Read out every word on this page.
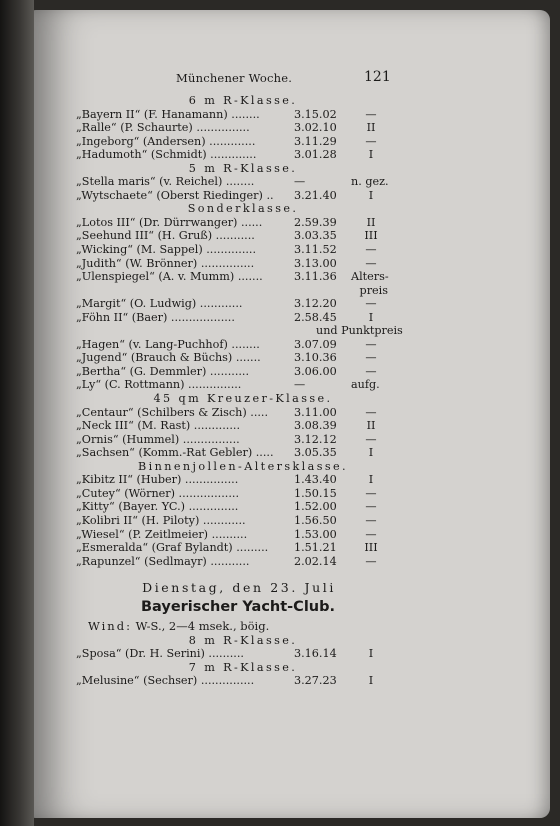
Münchener Woche.	121
6 m R-Klasse.
„Bayern II“ (F. Hanamann) ........	3.15.02	—
„Ralle“ (P. Schaurte) ...............	3.02.10	II
„Ingeborg“ (Andersen) .............	3.11.29	—
„Hadumoth“ (Schmidt) .............	3.01.28	I
5 m R-Klasse.
„Stella maris“ (v. Reichel) ........	—	n. gez.
„Wytschaete“ (Oberst Riedinger) .. 3.21.40	I
Sonderklasse.
„Lotos III“ (Dr. Dürrwanger) ......	2.59.39	II
„Seehund III“ (H. Gruß) ...........	3.03.35	III
„Wicking“ (M. Sappel) ..............	3.11.52	—
„Judith“ (W. Brönner) ...............	3.13.00	—
„Ulenspiegel“ (A. v. Mumm) .......	3.11.36 Alters-
preis
„Margit“ (O. Ludwig) ............	3.12.20	—
„Föhn II“ (Baer) ..................	2.58.45	I
und Punktpreis
„Hagen“ (v. Lang-Puchhof) ........	3.07.09	—
„Jugend“ (Brauch & Büchs) .......	3.10.36	—
„Bertha“ (G. Demmler) ...........	3.06.00	—
„Ly“ (C. Rottmann) ...............	—	aufg.
45 qm Kreuzer-Klasse.
„Centaur“ (Schilbers & Zisch) ..... 3.11.00	—
„Neck III“ (M. Rast) .............	3.08.39	II
„Ornis“ (Hummel) ................	3.12.12	—
„Sachsen“ (Komm.-Rat Gebler) ..... 3.05.35	I
Binnenjollen-Altersklasse.
„Kibitz II“ (Huber) ...............	1.43.40	I
„Cutey“ (Wörner) .................	1.50.15	—
„Kitty“ (Bayer. YC.) ..............	1.52.00	—
„Kolibri II“ (H. Piloty) ............	1.56.50	—
„Wiesel“ (P. Zeitlmeier) ..........	1.53.00	—
„Esmeralda“ (Graf Bylandt) ......... 1.51.21	III
„Rapunzel“ (Sedlmayr) ...........	2.02.14	—
Dienstag, den 23. Juli
Bayerischer Yacht-Club.
Wind: W-S., 2—4 msek., böig.
8 m R-Klasse.
„Sposa“ (Dr. H. Serini) ..........	3.16.14	I
7 m R-Klasse.
„Melusine“ (Sechser) ...............	3.27.23	I
